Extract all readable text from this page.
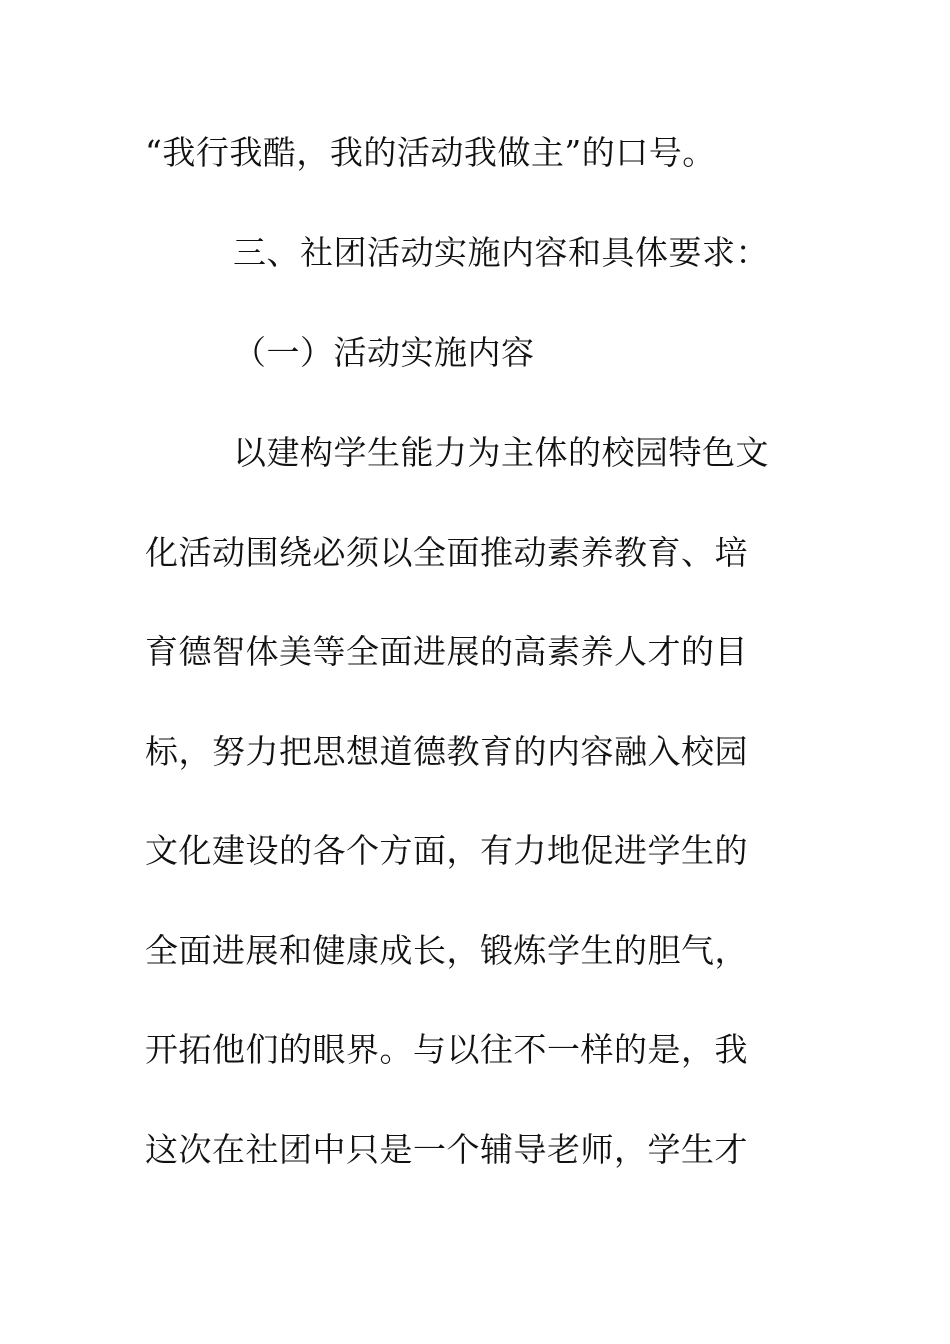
“我行我酷，我的活动我做主”的口号。

三、社团活动实施内容和具体要求：

（一）活动实施内容

以建构学生能力为主体的校园特色文

化活动围绕必须以全面推动素养教育、培

育德智体美等全面进展的高素养人才的目

标，努力把思想道德教育的内容融入校园

文化建设的各个方面，有力地促进学生的

全面进展和健康成长，锻炼学生的胆气，

开拓他们的眼界。与以往不一样的是，我

这次在社团中只是一个辅导老师，学生才
